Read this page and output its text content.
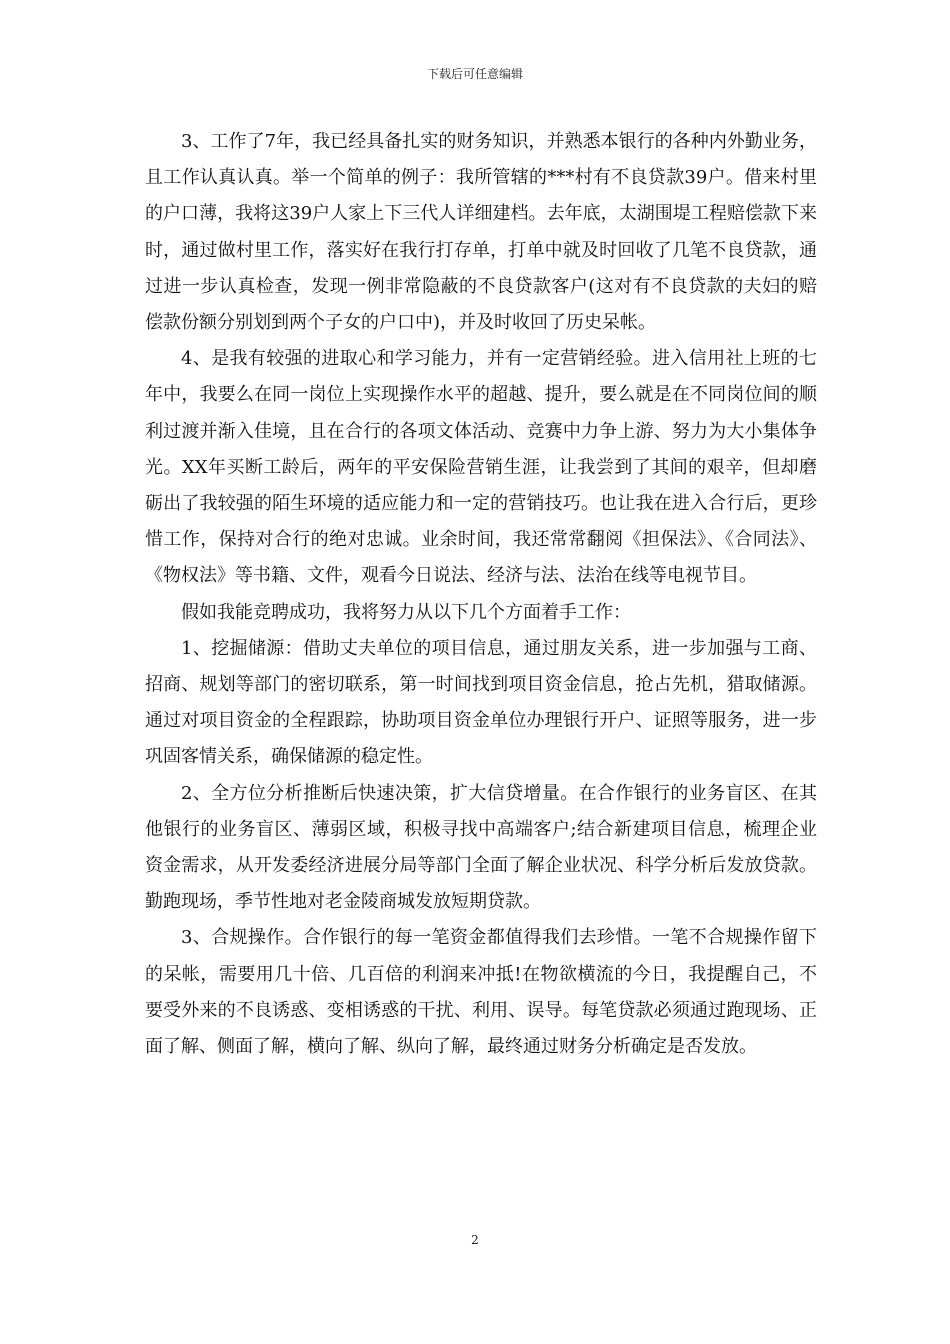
下载后可任意编辑

3、工作了7年，我已经具备扎实的财务知识，并熟悉本银行的各种内外勤业务，且工作认真认真。举一个简单的例子：我所管辖的***村有不良贷款39户。借来村里的户口薄，我将这39户人家上下三代人详细建档。去年底，太湖围堤工程赔偿款下来时，通过做村里工作，落实好在我行打存单，打单中就及时回收了几笔不良贷款，通过进一步认真检查，发现一例非常隐蔽的不良贷款客户(这对有不良贷款的夫妇的赔偿款份额分别划到两个子女的户口中)，并及时收回了历史呆帐。

4、是我有较强的进取心和学习能力，并有一定营销经验。进入信用社上班的七年中，我要么在同一岗位上实现操作水平的超越、提升，要么就是在不同岗位间的顺利过渡并渐入佳境，且在合行的各项文体活动、竞赛中力争上游、努力为大小集体争光。XX年买断工龄后，两年的平安保险营销生涯，让我尝到了其间的艰辛，但却磨砺出了我较强的陌生环境的适应能力和一定的营销技巧。也让我在进入合行后，更珍惜工作，保持对合行的绝对忠诚。业余时间，我还常常翻阅《担保法》、《合同法》、《物权法》等书籍、文件，观看今日说法、经济与法、法治在线等电视节目。

假如我能竞聘成功，我将努力从以下几个方面着手工作：

1、挖掘储源：借助丈夫单位的项目信息，通过朋友关系，进一步加强与工商、招商、规划等部门的密切联系，第一时间找到项目资金信息，抢占先机，猎取储源。通过对项目资金的全程跟踪，协助项目资金单位办理银行开户、证照等服务，进一步巩固客情关系，确保储源的稳定性。

2、全方位分析推断后快速决策，扩大信贷增量。在合作银行的业务盲区、在其他银行的业务盲区、薄弱区域，积极寻找中高端客户;结合新建项目信息，梳理企业资金需求，从开发委经济进展分局等部门全面了解企业状况、科学分析后发放贷款。勤跑现场，季节性地对老金陵商城发放短期贷款。

3、合规操作。合作银行的每一笔资金都值得我们去珍惜。一笔不合规操作留下的呆帐，需要用几十倍、几百倍的利润来冲抵!在物欲横流的今日，我提醒自己，不要受外来的不良诱惑、变相诱惑的干扰、利用、误导。每笔贷款必须通过跑现场、正面了解、侧面了解，横向了解、纵向了解，最终通过财务分析确定是否发放。

2
